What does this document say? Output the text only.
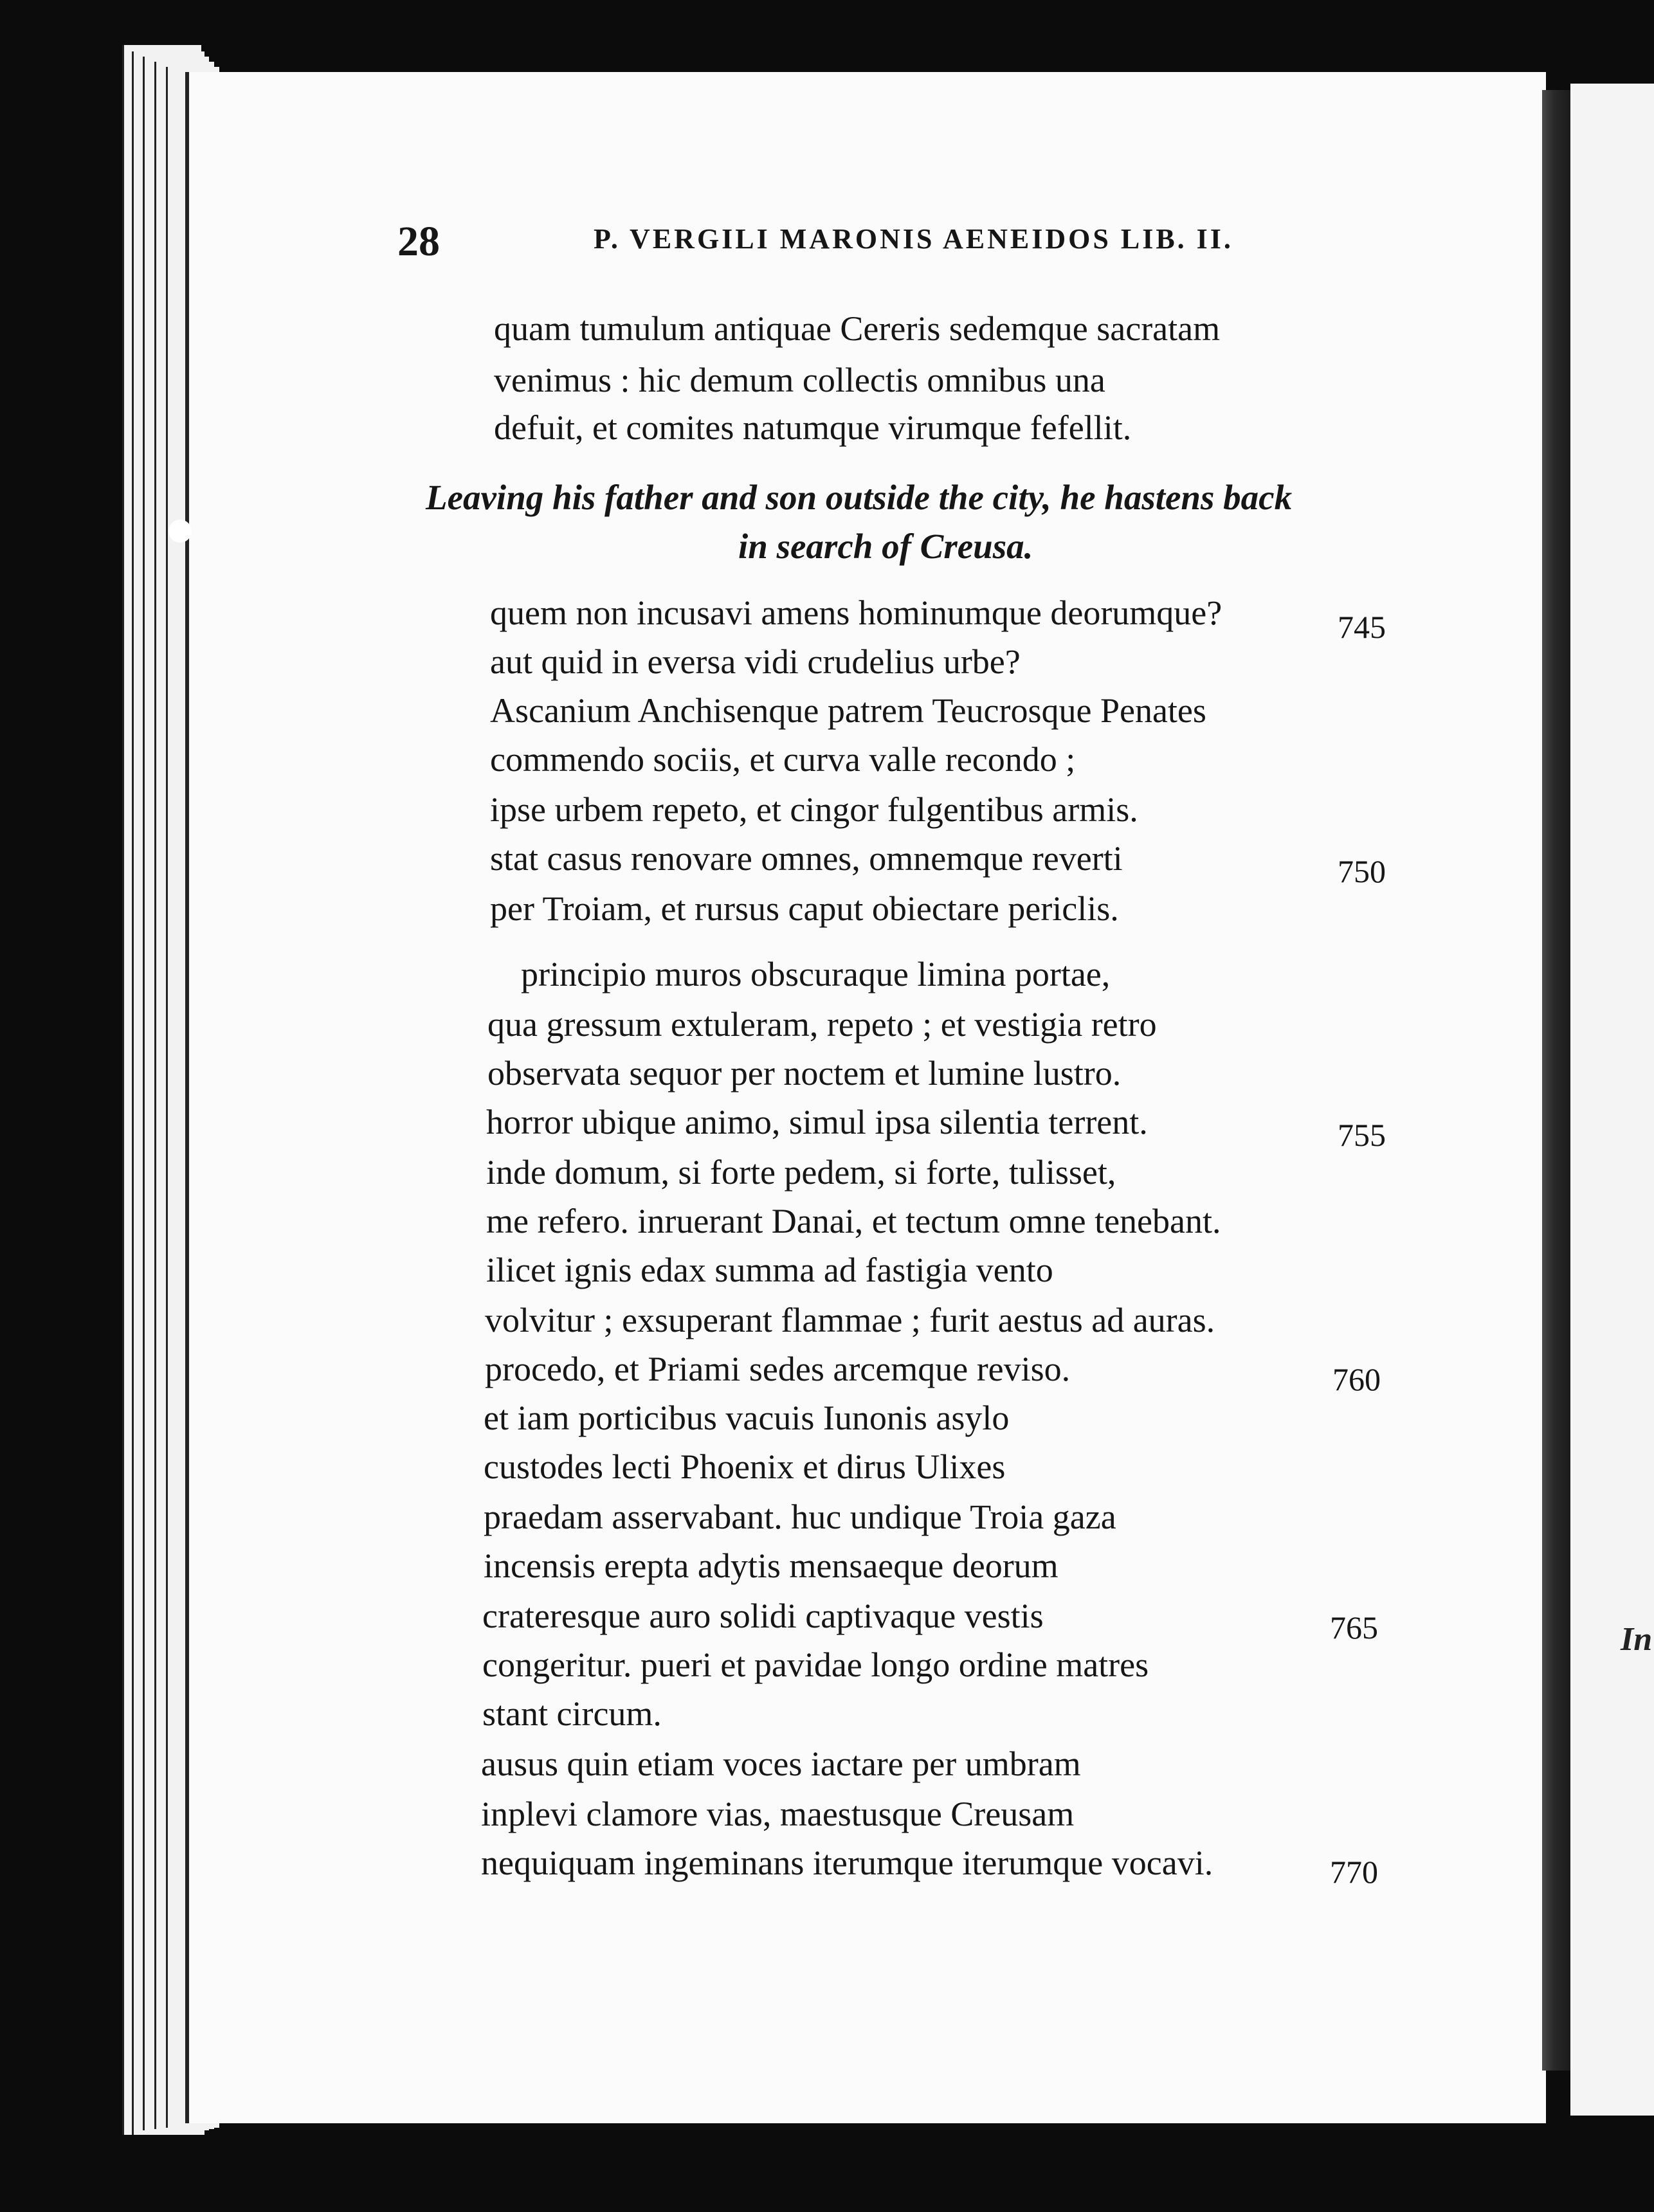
In
28	P. VERGILI MARONIS AENEIDOS LIB. II.
quam tumulum antiquae Cereris sedemque sacratam
venimus : hic demum collectis omnibus una
defuit, et comites natumque virumque fefellit.
Leaving his father and son outside the city, he hastens back
in search of Creusa.
quem non incusavi amens hominumque deorumque?
aut quid in eversa vidi crudelius urbe?
Ascanium Anchisenque patrem Teucrosque Penates
commendo sociis, et curva valle recondo ;
ipse urbem repeto, et cingor fulgentibus armis.
stat casus renovare omnes, omnemque reverti
per Troiam, et rursus caput obiectare periclis.
principio muros obscuraque limina portae,
qua gressum extuleram, repeto ; et vestigia retro
observata sequor per noctem et lumine lustro.
horror ubique animo, simul ipsa silentia terrent.
inde domum, si forte pedem, si forte, tulisset,
me refero. inruerant Danai, et tectum omne tenebant.
ilicet ignis edax summa ad fastigia vento
volvitur ; exsuperant flammae ; furit aestus ad auras.
procedo, et Priami sedes arcemque reviso.
et iam porticibus vacuis Iunonis asylo
custodes lecti Phoenix et dirus Ulixes
praedam asservabant. huc undique Troia gaza
incensis erepta adytis mensaeque deorum
crateresque auro solidi captivaque vestis
congeritur. pueri et pavidae longo ordine matres
stant circum.
ausus quin etiam voces iactare per umbram
inplevi clamore vias, maestusque Creusam
nequiquam ingeminans iterumque iterumque vocavi.
745
750
755
760
765
770
